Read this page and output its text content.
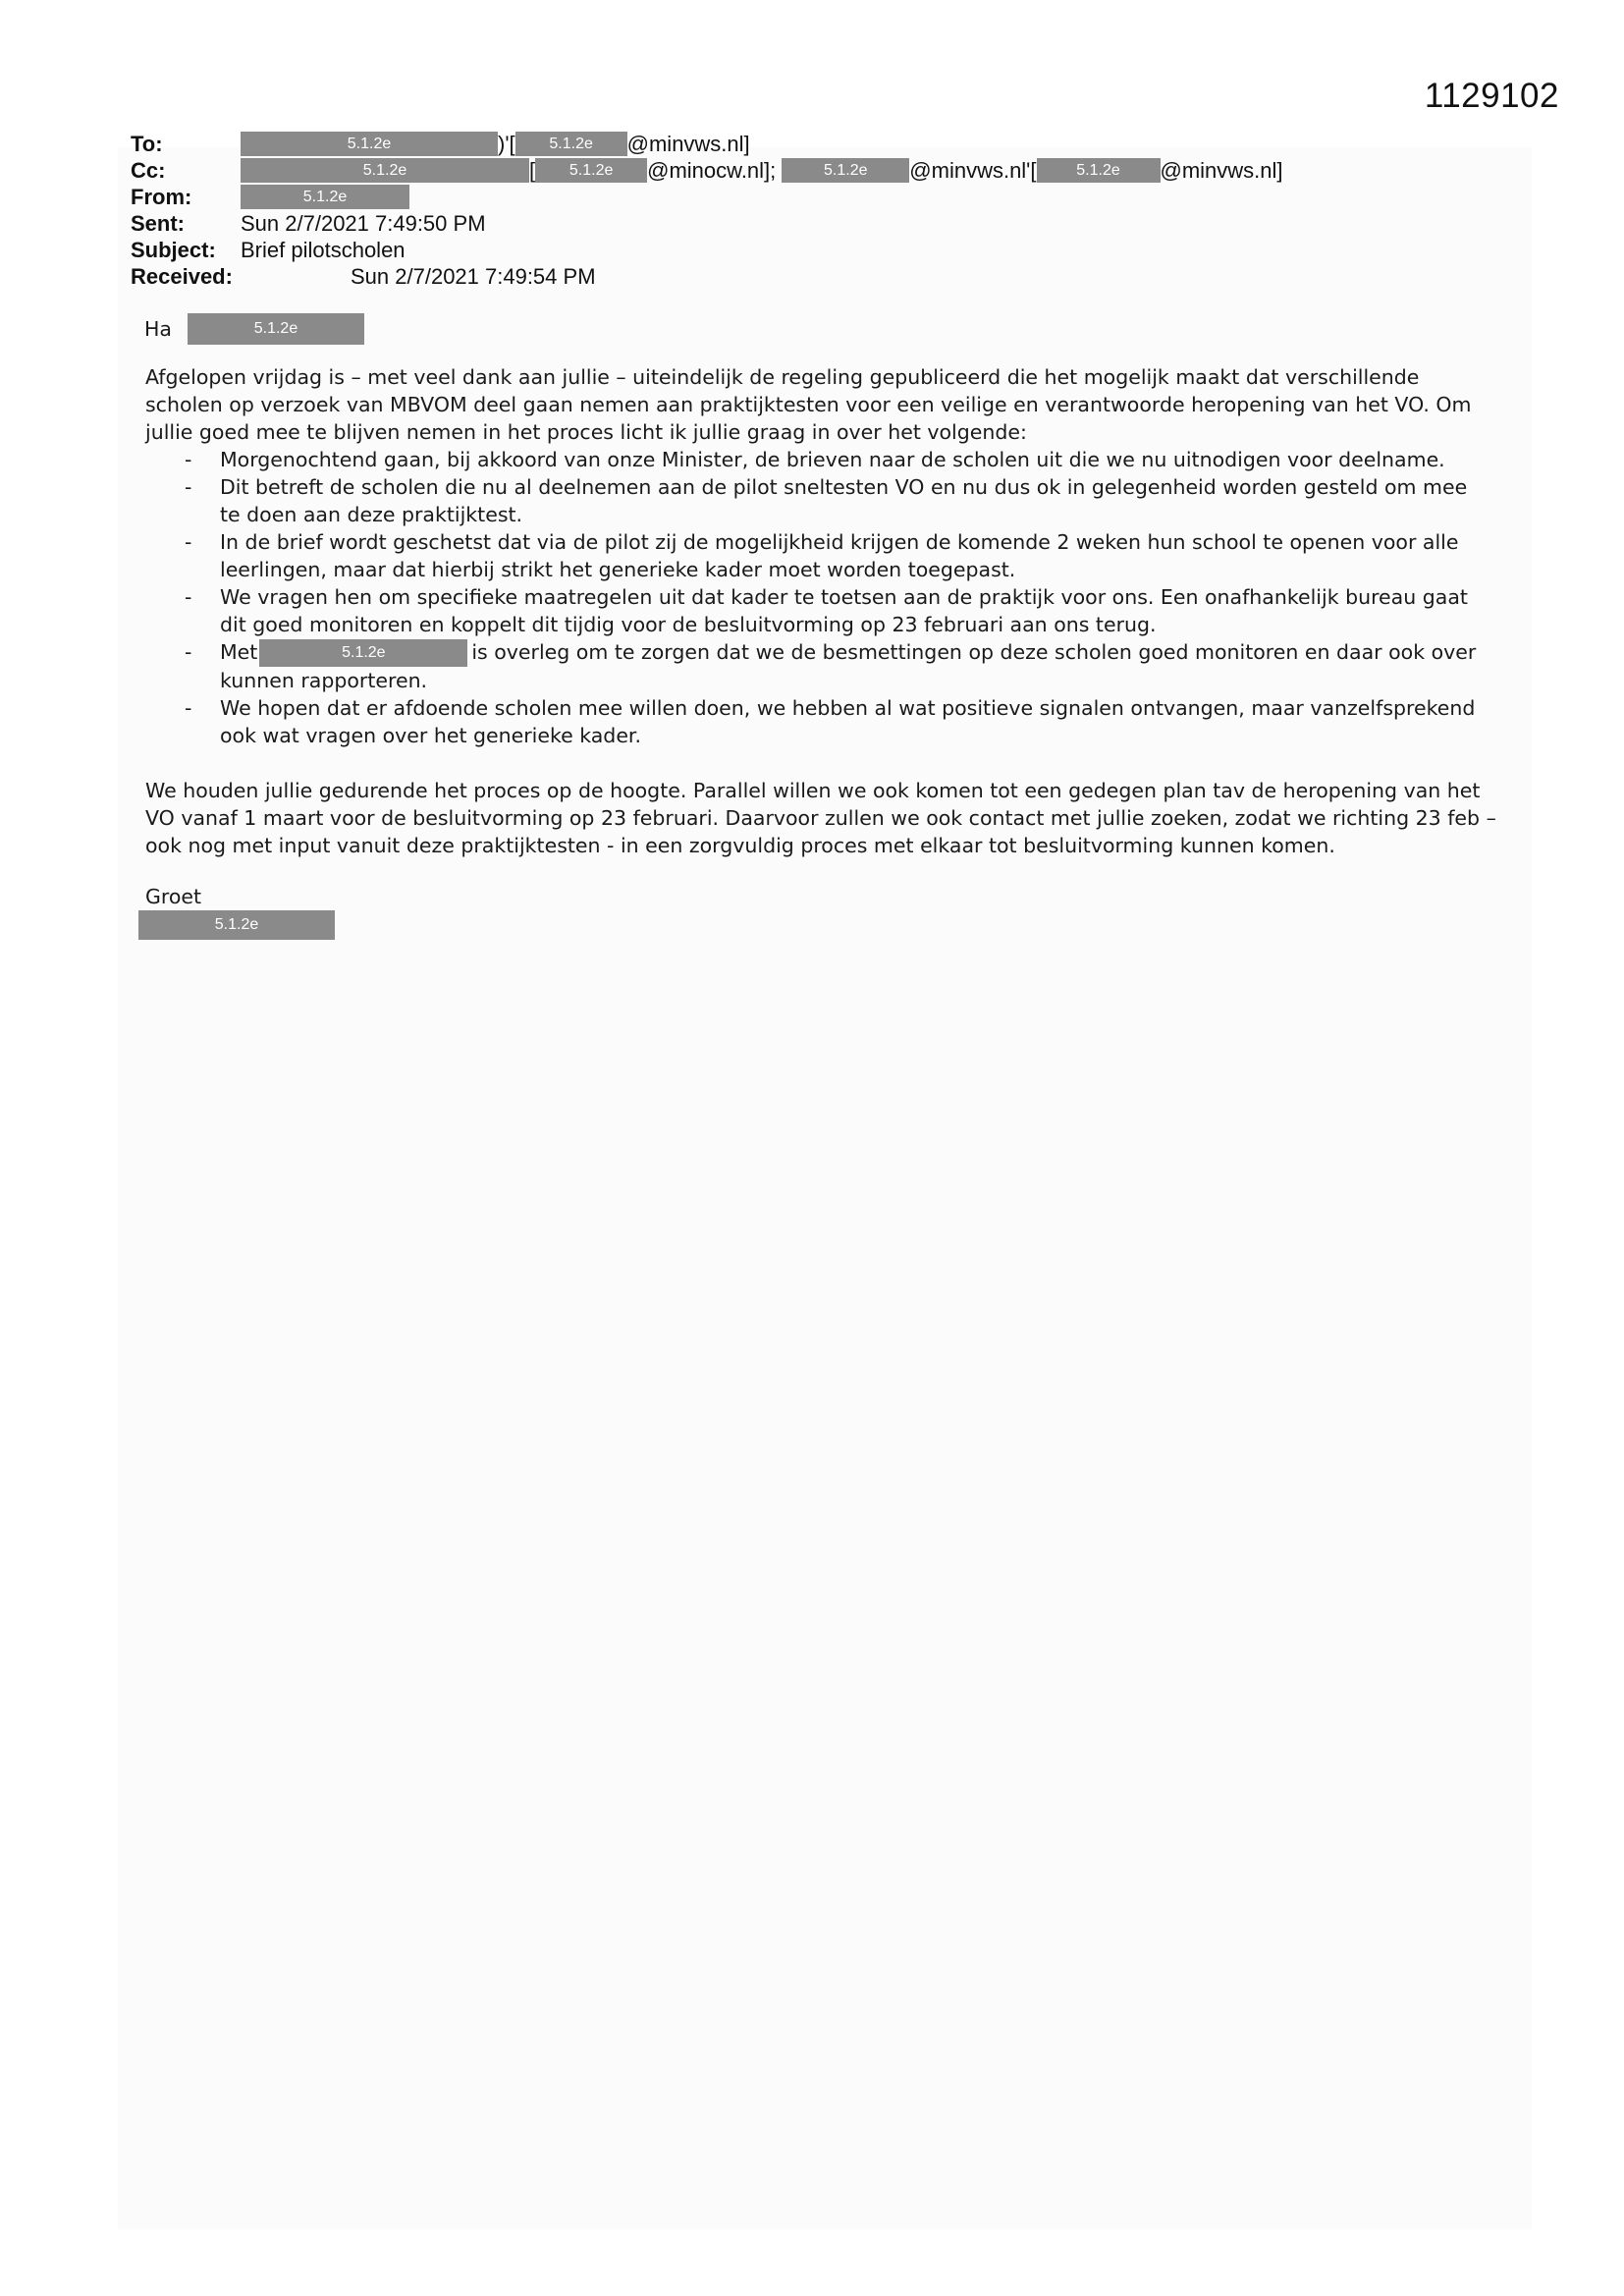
1129102
To:	5.1.2e	)'[	5.1.2e	@minvws.nl]
Cc:	5.1.2e	[	5.1.2e	@minocw.nl];	5.1.2e	@minvws.nl'[	5.1.2e	@minvws.nl]
From:	5.1.2e
Sent:	Sun 2/7/2021 7:49:50 PM
Subject:	Brief pilotscholen
Received:	Sun 2/7/2021 7:49:54 PM
Ha	5.1.2e
Afgelopen vrijdag is – met veel dank aan jullie – uiteindelijk de regeling gepubliceerd die het mogelijk maakt dat verschillende scholen op verzoek van MBVOM deel gaan nemen aan praktijktesten voor een veilige en verantwoorde heropening van het VO. Om jullie goed mee te blijven nemen in het proces licht ik jullie graag in over het volgende:
- Morgenochtend gaan, bij akkoord van onze Minister, de brieven naar de scholen uit die we nu uitnodigen voor deelname.
- Dit betreft de scholen die nu al deelnemen aan de pilot sneltesten VO en nu dus ok in gelegenheid worden gesteld om mee te doen aan deze praktijktest.
- In de brief wordt geschetst dat via de pilot zij de mogelijkheid krijgen de komende 2 weken hun school te openen voor alle leerlingen, maar dat hierbij strikt het generieke kader moet worden toegepast.
- We vragen hen om specifieke maatregelen uit dat kader te toetsen aan de praktijk voor ons. Een onafhankelijk bureau gaat dit goed monitoren en koppelt dit tijdig voor de besluitvorming op 23 februari aan ons terug.
- Met	5.1.2e	is overleg om te zorgen dat we de besmettingen op deze scholen goed monitoren en daar ook over kunnen rapporteren.
- We hopen dat er afdoende scholen mee willen doen, we hebben al wat positieve signalen ontvangen, maar vanzelfsprekend ook wat vragen over het generieke kader.
We houden jullie gedurende het proces op de hoogte. Parallel willen we ook komen tot een gedegen plan tav de heropening van het VO vanaf 1 maart voor de besluitvorming op 23 februari. Daarvoor zullen we ook contact met jullie zoeken, zodat we richting 23 feb – ook nog met input vanuit deze praktijktesten - in een zorgvuldig proces met elkaar tot besluitvorming kunnen komen.
Groet
5.1.2e
